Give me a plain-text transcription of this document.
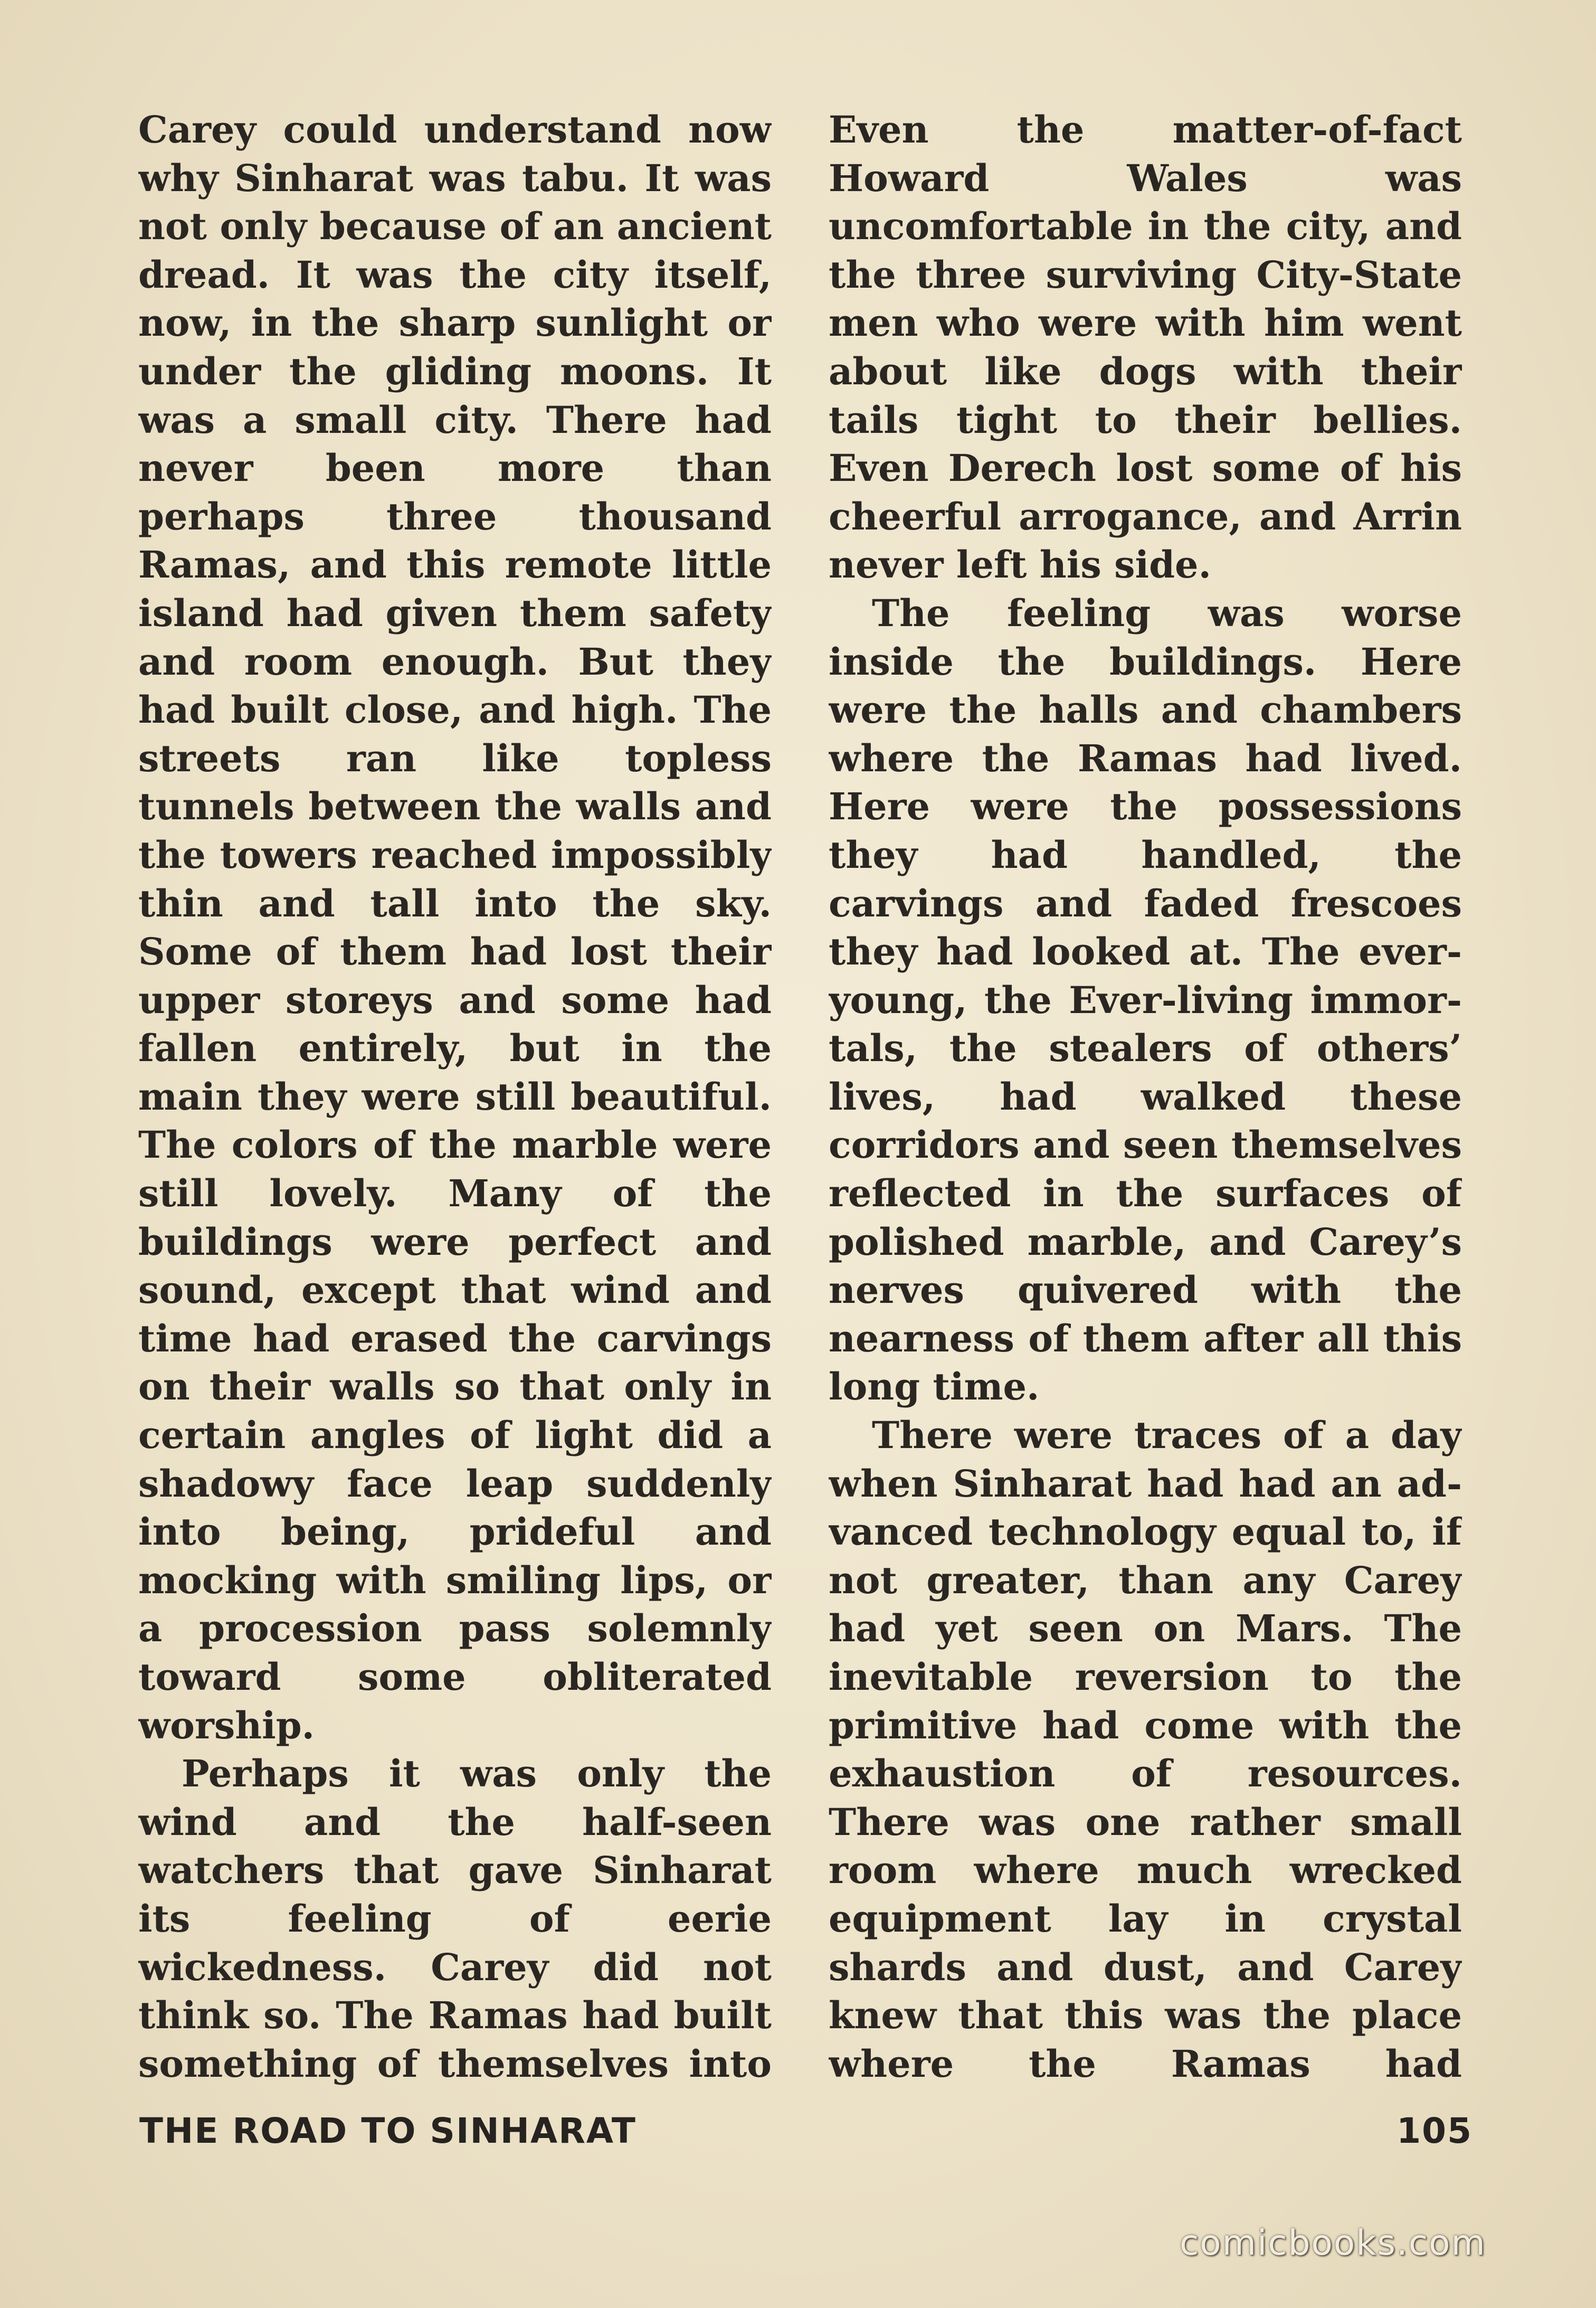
Carey could understand now why Sinharat was tabu. It was not only because of an ancient dread. It was the city itself, now, in the sharp sunlight or under the gliding moons. It was a small city. There had never been more than perhaps three thousand Ramas, and this remote little island had given them safety and room enough. But they had built close, and high. The streets ran like topless tunnels between the walls and the towers reached impossibly thin and tall into the sky. Some of them had lost their upper storeys and some had fallen entirely, but in the main they were still beautiful. The colors of the marble were still lovely. Many of the buildings were perfect and sound, except that wind and time had erased the carvings on their walls so that only in certain angles of light did a shadowy face leap suddenly into being, prideful and mocking with smiling lips, or a procession pass solemnly toward some obliterated worship.

Perhaps it was only the wind and the half-seen watchers that gave Sinharat its feeling of eerie wickedness. Carey did not think so. The Ramas had built something of themselves into

Even the matter-of-fact Howard Wales was uncomfortable in the city, and the three surviving City-State men who were with him went about like dogs with their tails tight to their bellies. Even Derech lost some of his cheerful arrogance, and Arrin never left his side.

The feeling was worse inside the buildings. Here were the halls and chambers where the Ramas had lived. Here were the possessions they had handled, the carvings and faded frescoes they had looked at. The ever-young, the Ever-living immortals, the stealers of others’ lives, had walked these corridors and seen themselves reflected in the surfaces of polished marble, and Carey’s nerves quivered with the nearness of them after all this long time.

There were traces of a day when Sinharat had had an advanced technology equal to, if not greater, than any Carey had yet seen on Mars. The inevitable reversion to the primitive had come with the exhaustion of resources. There was one rather small room where much wrecked equipment lay in crystal shards and dust, and Carey knew that this was the place where the Ramas had

THE ROAD TO SINHARAT	105
comicbooks.com
